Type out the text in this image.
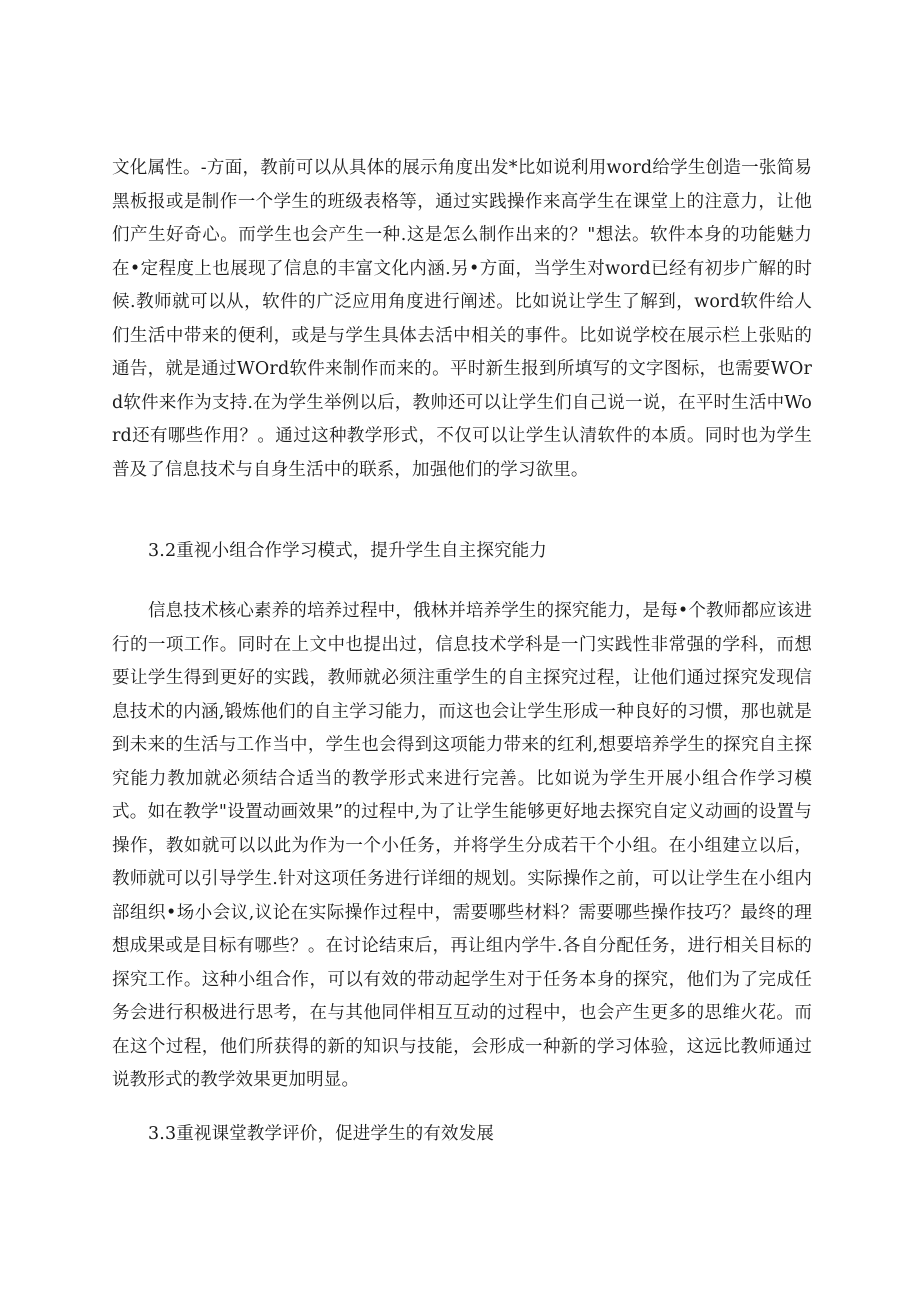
文化属性。-方面，教前可以从具体的展示角度出发*比如说利用word给学生创造一张简易黑板报或是制作一个学生的班级表格等，通过实践操作来高学生在课堂上的注意力，让他们产生好奇心。而学生也会产生一种.这是怎么制作出来的？"想法。软件本身的功能魅力在•定程度上也展现了信息的丰富文化内涵.另•方面，当学生对word已经有初步广解的时候.教师就可以从，软件的广泛应用角度进行阐述。比如说让学生了解到，word软件给人们生活中带来的便利，或是与学生具体去活中相关的事件。比如说学校在展示栏上张贴的通告，就是通过WOrd软件来制作而来的。平时新生报到所填写的文字图标，也需要WOrd软件来作为支持.在为学生举例以后，教帅还可以让学生们自己说一说，在平时生活中Word还有哪些作用？。通过这种教学形式，不仅可以让学生认清软件的本质。同时也为学生普及了信息技术与自身生活中的联系，加强他们的学习欲里。

3.2重视小组合作学习模式，提升学生自主探究能力

信息技术核心素养的培养过程中，俄林并培养学生的探究能力，是每•个教师都应该进行的一项工作。同时在上文中也提出过，信息技术学科是一门实践性非常强的学科，而想要让学生得到更好的实践，教师就必须注重学生的自主探究过程，让他们通过探究发现信息技术的内涵,锻炼他们的自主学习能力，而这也会让学生形成一种良好的习惯，那也就是到未来的生活与工作当中，学生也会得到这项能力带来的红利,想要培养学生的探究自主探究能力教加就必须结合适当的教学形式来进行完善。比如说为学生开展小组合作学习模式。如在教学"设置动画效果”的过程中,为了让学生能够更好地去探究自定义动画的设置与操作，教如就可以以此为作为一个小任务，并将学生分成若干个小组。在小组建立以后，教师就可以引导学生.针对这项任务进行详细的规划。实际操作之前，可以让学生在小组内部组织•场小会议,议论在实际操作过程中，需要哪些材料？需要哪些操作技巧？最终的理想成果或是目标有哪些？。在讨论结束后，再让组内学牛.各自分配任务，进行相关目标的探究工作。这种小组合作，可以有效的带动起学生对于任务本身的探究，他们为了完成任务会进行积极进行思考，在与其他同伴相互互动的过程中，也会产生更多的思维火花。而在这个过程，他们所获得的新的知识与技能，会形成一种新的学习体验，这远比教师通过说教形式的教学效果更加明显。

3.3重视课堂教学评价，促进学生的有效发展
